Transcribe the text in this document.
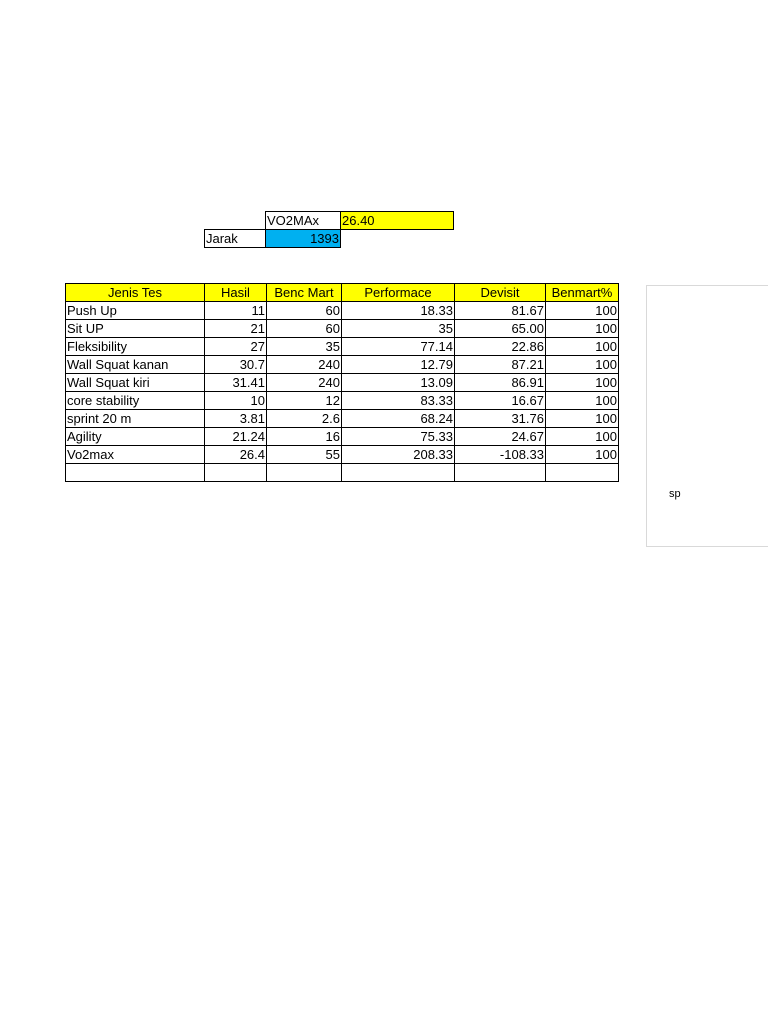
VO2MAx	26.40
Jarak	1393
Jenis Tes	Hasil	Benc Mart	Performace	Devisit	Benmart%
Push Up	11	60	18.33	81.67	100
Sit UP	21	60	35	65.00	100
Fleksibility	27	35	77.14	22.86	100
Wall Squat kanan	30.7	240	12.79	87.21	100
Wall Squat kiri	31.41	240	13.09	86.91	100
core stability	10	12	83.33	16.67	100
sprint 20 m	3.81	2.6	68.24	31.76	100
Agility	21.24	16	75.33	24.67	100
Vo2max	26.4	55	208.33	-108.33	100

sp
